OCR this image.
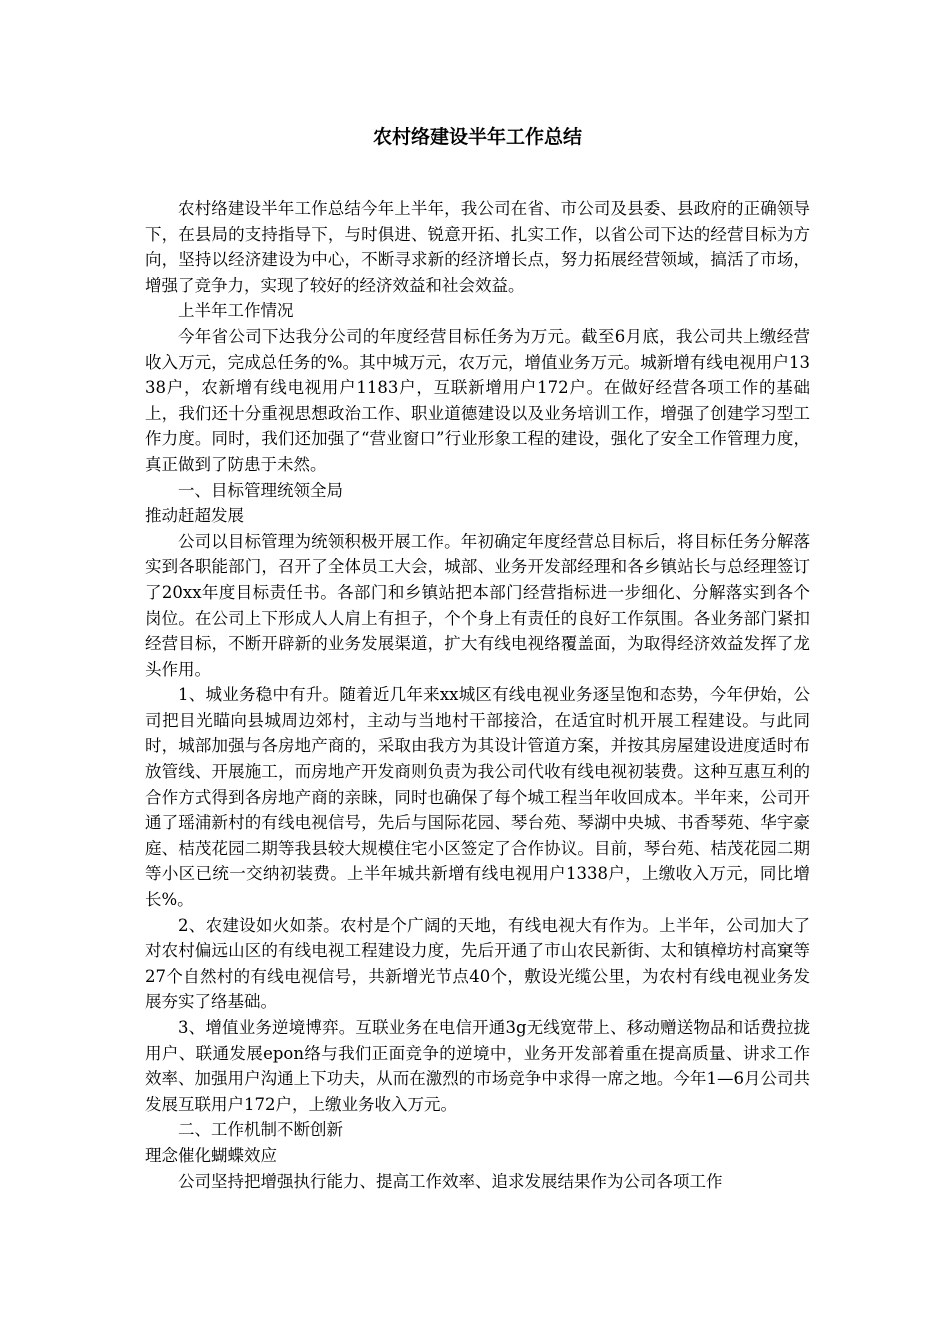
农村络建设半年工作总结

农村络建设半年工作总结今年上半年，我公司在省、市公司及县委、县政府的正确领导下，在县局的支持指导下，与时俱进、锐意开拓、扎实工作，以省公司下达的经营目标为方向，坚持以经济建设为中心，不断寻求新的经济增长点，努力拓展经营领域，搞活了市场，增强了竞争力，实现了较好的经济效益和社会效益。

上半年工作情况

今年省公司下达我分公司的年度经营目标任务为万元。截至6月底，我公司共上缴经营收入万元，完成总任务的%。其中城万元，农万元，增值业务万元。城新增有线电视用户1338户，农新增有线电视用户1183户，互联新增用户172户。在做好经营各项工作的基础上，我们还十分重视思想政治工作、职业道德建设以及业务培训工作，增强了创建学习型工作力度。同时，我们还加强了“营业窗口”行业形象工程的建设，强化了安全工作管理力度，真正做到了防患于未然。

一、目标管理统领全局

推动赶超发展

公司以目标管理为统领积极开展工作。年初确定年度经营总目标后，将目标任务分解落实到各职能部门，召开了全体员工大会，城部、业务开发部经理和各乡镇站长与总经理签订了20xx年度目标责任书。各部门和乡镇站把本部门经营指标进一步细化、分解落实到各个岗位。在公司上下形成人人肩上有担子，个个身上有责任的良好工作氛围。各业务部门紧扣经营目标，不断开辟新的业务发展渠道，扩大有线电视络覆盖面，为取得经济效益发挥了龙头作用。

1、城业务稳中有升。随着近几年来xx城区有线电视业务逐呈饱和态势，今年伊始，公司把目光瞄向县城周边郊村，主动与当地村干部接洽，在适宜时机开展工程建设。与此同时，城部加强与各房地产商的，采取由我方为其设计管道方案，并按其房屋建设进度适时布放管线、开展施工，而房地产开发商则负责为我公司代收有线电视初装费。这种互惠互利的合作方式得到各房地产商的亲睐，同时也确保了每个城工程当年收回成本。半年来，公司开通了瑶浦新村的有线电视信号，先后与国际花园、琴台苑、琴湖中央城、书香琴苑、华宇豪庭、桔茂花园二期等我县较大规模住宅小区签定了合作协议。目前，琴台苑、桔茂花园二期等小区已统一交纳初装费。上半年城共新增有线电视用户1338户，上缴收入万元，同比增长%。

2、农建设如火如荼。农村是个广阔的天地，有线电视大有作为。上半年，公司加大了对农村偏远山区的有线电视工程建设力度，先后开通了市山农民新街、太和镇樟坊村高窠等27个自然村的有线电视信号，共新增光节点40个，敷设光缆公里，为农村有线电视业务发展夯实了络基础。

3、增值业务逆境博弈。互联业务在电信开通3g无线宽带上、移动赠送物品和话费拉拢用户、联通发展epon络与我们正面竞争的逆境中，业务开发部着重在提高质量、讲求工作效率、加强用户沟通上下功夫，从而在激烈的市场竞争中求得一席之地。今年1—6月公司共发展互联用户172户，上缴业务收入万元。

二、工作机制不断创新

理念催化蝴蝶效应

公司坚持把增强执行能力、提高工作效率、追求发展结果作为公司各项工作
